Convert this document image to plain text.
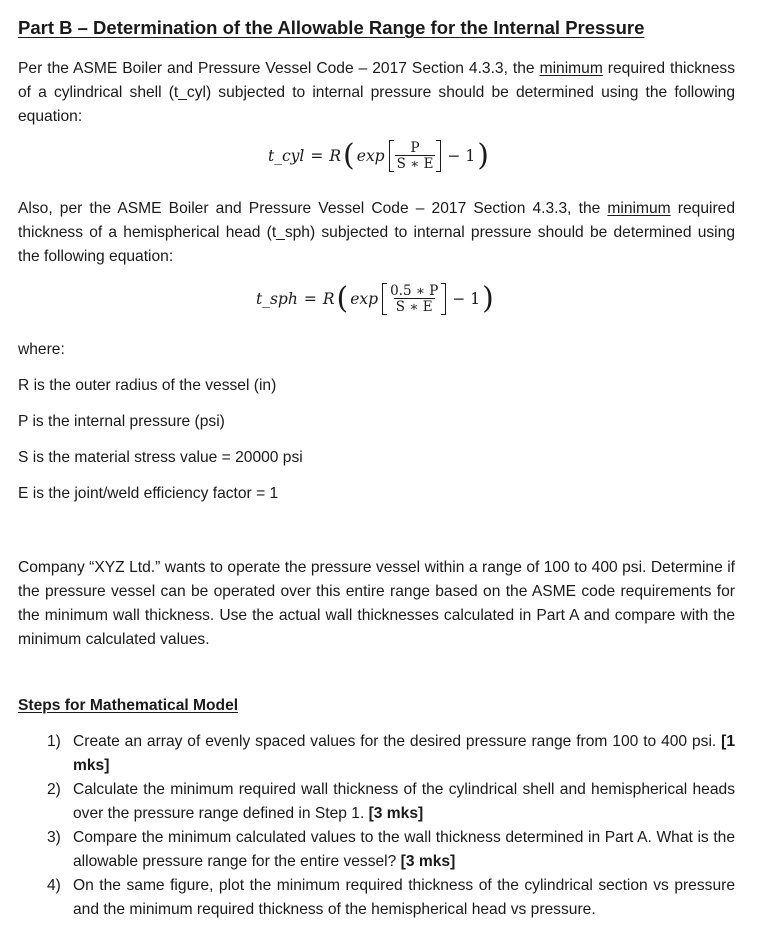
Part B – Determination of the Allowable Range for the Internal Pressure
Per the ASME Boiler and Pressure Vessel Code – 2017 Section 4.3.3, the minimum required thickness of a cylindrical shell (t_cyl) subjected to internal pressure should be determined using the following equation:
t_cyl = R ( $\exp \frac{P}{S ∗ E} - 1$ )
Also, per the ASME Boiler and Pressure Vessel Code – 2017 Section 4.3.3, the minimum required thickness of a hemispherical head (t_sph) subjected to internal pressure should be determined using the following equation:
t_sph = R ( $\exp \frac{0.5 ∗ P}{S ∗ E} - 1$ )
where:
R is the outer radius of the vessel (in)
P is the internal pressure (psi)
S is the material stress value = 20000 psi
E is the joint/weld efficiency factor = 1
Company “XYZ Ltd.” wants to operate the pressure vessel within a range of 100 to 400 psi. Determine if the pressure vessel can be operated over this entire range based on the ASME code requirements for the minimum wall thickness. Use the actual wall thicknesses calculated in Part A and compare with the minimum calculated values.
Steps for Mathematical Model
1) Create an array of evenly spaced values for the desired pressure range from 100 to 400 psi. [1 mks]
2) Calculate the minimum required wall thickness of the cylindrical shell and hemispherical heads over the pressure range defined in Step 1. [3 mks]
3) Compare the minimum calculated values to the wall thickness determined in Part A. What is the allowable pressure range for the entire vessel? [3 mks]
4) On the same figure, plot the minimum required thickness of the cylindrical section vs pressure and the minimum required thickness of the hemispherical head vs pressure.
